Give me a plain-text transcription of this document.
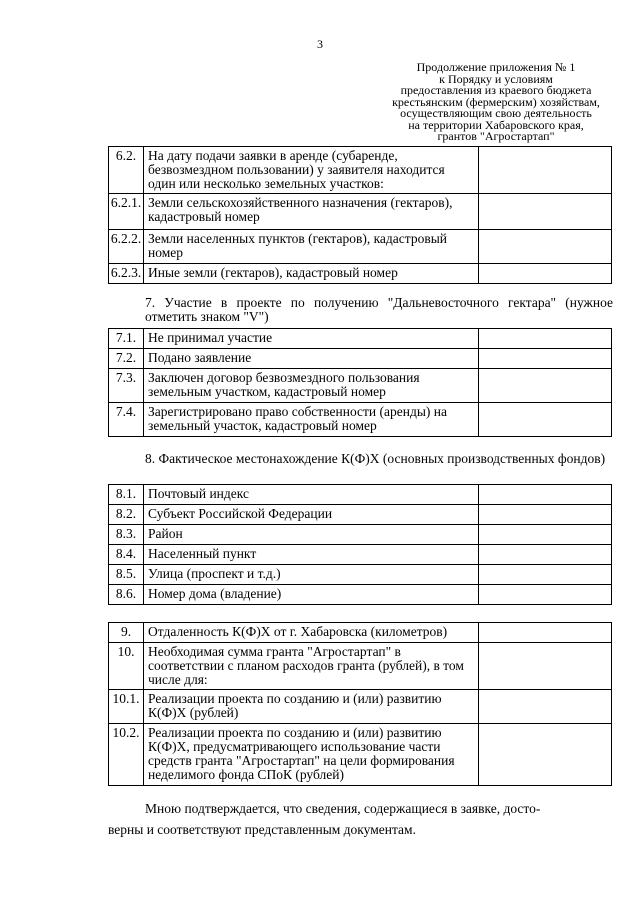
3
Продолжение приложения № 1
к Порядку и условиям
предоставления из краевого бюджета
крестьянским (фермерским) хозяйствам,
осуществляющим свою деятельность
на территории Хабаровского края,
грантов "Агростартап"
6.2.	На дату подачи заявки в аренде (субаренде, безвозмездном пользовании) у заявителя находится один или несколько земельных участков:	
6.2.1.	Земли сельскохозяйственного назначения (гектаров), кадастровый номер	
6.2.2.	Земли населенных пунктов (гектаров), кадастровый номер	
6.2.3.	Иные земли (гектаров), кадастровый номер	
7. Участие в проекте по получению "Дальневосточного гектара" (нужное отметить знаком "V")
7.1.	Не принимал участие	
7.2.	Подано заявление	
7.3.	Заключен договор безвозмездного пользования земельным участком, кадастровый номер	
7.4.	Зарегистрировано право собственности (аренды) на земельный участок, кадастровый номер	
8. Фактическое местонахождение К(Ф)Х (основных производственных фондов)
8.1.	Почтовый индекс	
8.2.	Субъект Российской Федерации	
8.3.	Район	
8.4.	Населенный пункт	
8.5.	Улица (проспект и т.д.)	
8.6.	Номер дома (владение)	
9.	Отдаленность К(Ф)Х от г. Хабаровска (километров)	
10.	Необходимая сумма гранта "Агростартап" в соответствии с планом расходов гранта (рублей), в том числе для:	
10.1.	Реализации проекта по созданию и (или) развитию К(Ф)Х (рублей)	
10.2.	Реализации проекта по созданию и (или) развитию К(Ф)Х, предусматривающего использование части средств гранта "Агростартап" на цели формирования неделимого фонда СПоК (рублей)	
Мною подтверждается, что сведения, содержащиеся в заявке, досто-
верны и соответствуют представленным документам.
